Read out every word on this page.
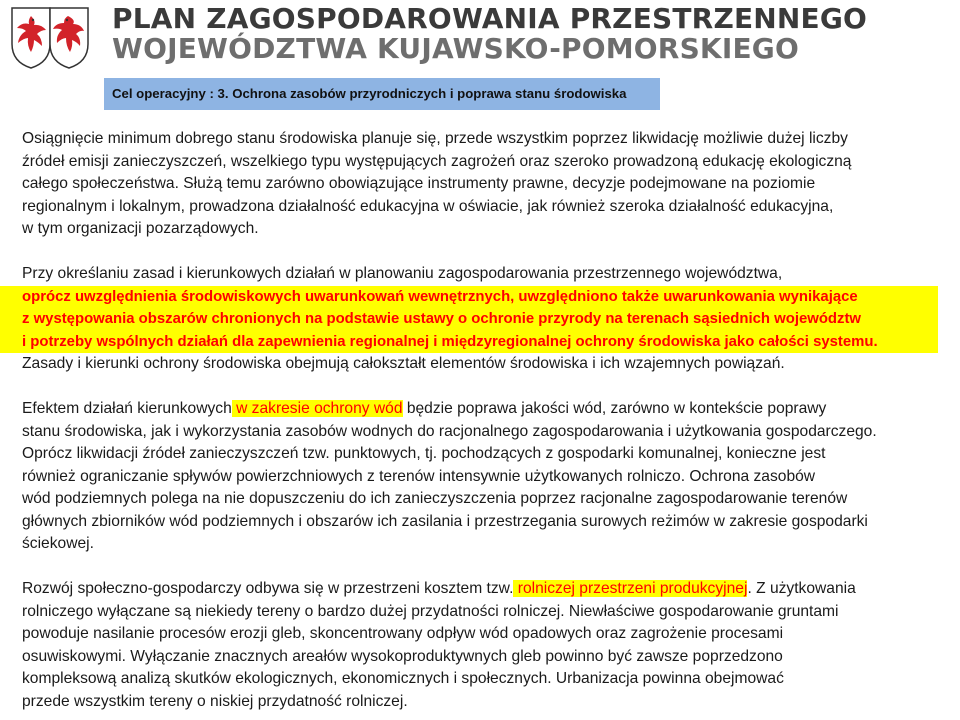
PLAN ZAGOSPODAROWANIA PRZESTRZENNEGO
WOJEWÓDZTWA KUJAWSKO-POMORSKIEGO
Cel operacyjny : 3. Ochrona zasobów przyrodniczych i poprawa stanu środowiska

Osiągnięcie minimum dobrego stanu środowiska planuje się, przede wszystkim poprzez likwidację możliwie dużej liczby
źródeł emisji zanieczyszczeń, wszelkiego typu występujących zagrożeń oraz szeroko prowadzoną edukację ekologiczną
całego społeczeństwa. Służą temu zarówno obowiązujące instrumenty prawne, decyzje podejmowane na poziomie
regionalnym i lokalnym, prowadzona działalność edukacyjna w oświacie, jak również szeroka działalność edukacyjna,
w tym organizacji pozarządowych.

Przy określaniu zasad i kierunkowych działań w planowaniu zagospodarowania przestrzennego województwa,
oprócz uwzględnienia środowiskowych uwarunkowań wewnętrznych, uwzględniono także uwarunkowania wynikające
z występowania obszarów chronionych na podstawie ustawy o ochronie przyrody na terenach sąsiednich województw
i potrzeby wspólnych działań dla zapewnienia regionalnej i międzyregionalnej ochrony środowiska jako całości systemu.
Zasady i kierunki ochrony środowiska obejmują całokształt elementów środowiska i ich wzajemnych powiązań.

Efektem działań kierunkowych w zakresie ochrony wód będzie poprawa jakości wód, zarówno w kontekście poprawy
stanu środowiska, jak i wykorzystania zasobów wodnych do racjonalnego zagospodarowania i użytkowania gospodarczego.
Oprócz likwidacji źródeł zanieczyszczeń tzw. punktowych, tj. pochodzących z gospodarki komunalnej, konieczne jest
również ograniczanie spływów powierzchniowych z terenów intensywnie użytkowanych rolniczo. Ochrona zasobów
wód podziemnych polega na nie dopuszczeniu do ich zanieczyszczenia poprzez racjonalne zagospodarowanie terenów
głównych zbiorników wód podziemnych i obszarów ich zasilania i przestrzegania surowych reżimów w zakresie gospodarki
ściekowej.

Rozwój społeczno-gospodarczy odbywa się w przestrzeni kosztem tzw. rolniczej przestrzeni produkcyjnej. Z użytkowania
rolniczego wyłączane są niekiedy tereny o bardzo dużej przydatności rolniczej. Niewłaściwe gospodarowanie gruntami
powoduje nasilanie procesów erozji gleb, skoncentrowany odpływ wód opadowych oraz zagrożenie procesami
osuwiskowymi. Wyłączanie znacznych areałów wysokoproduktywnych gleb powinno być zawsze poprzedzono
kompleksową analizą skutków ekologicznych, ekonomicznych i społecznych. Urbanizacja powinna obejmować
przede wszystkim tereny o niskiej przydatność rolniczej.
